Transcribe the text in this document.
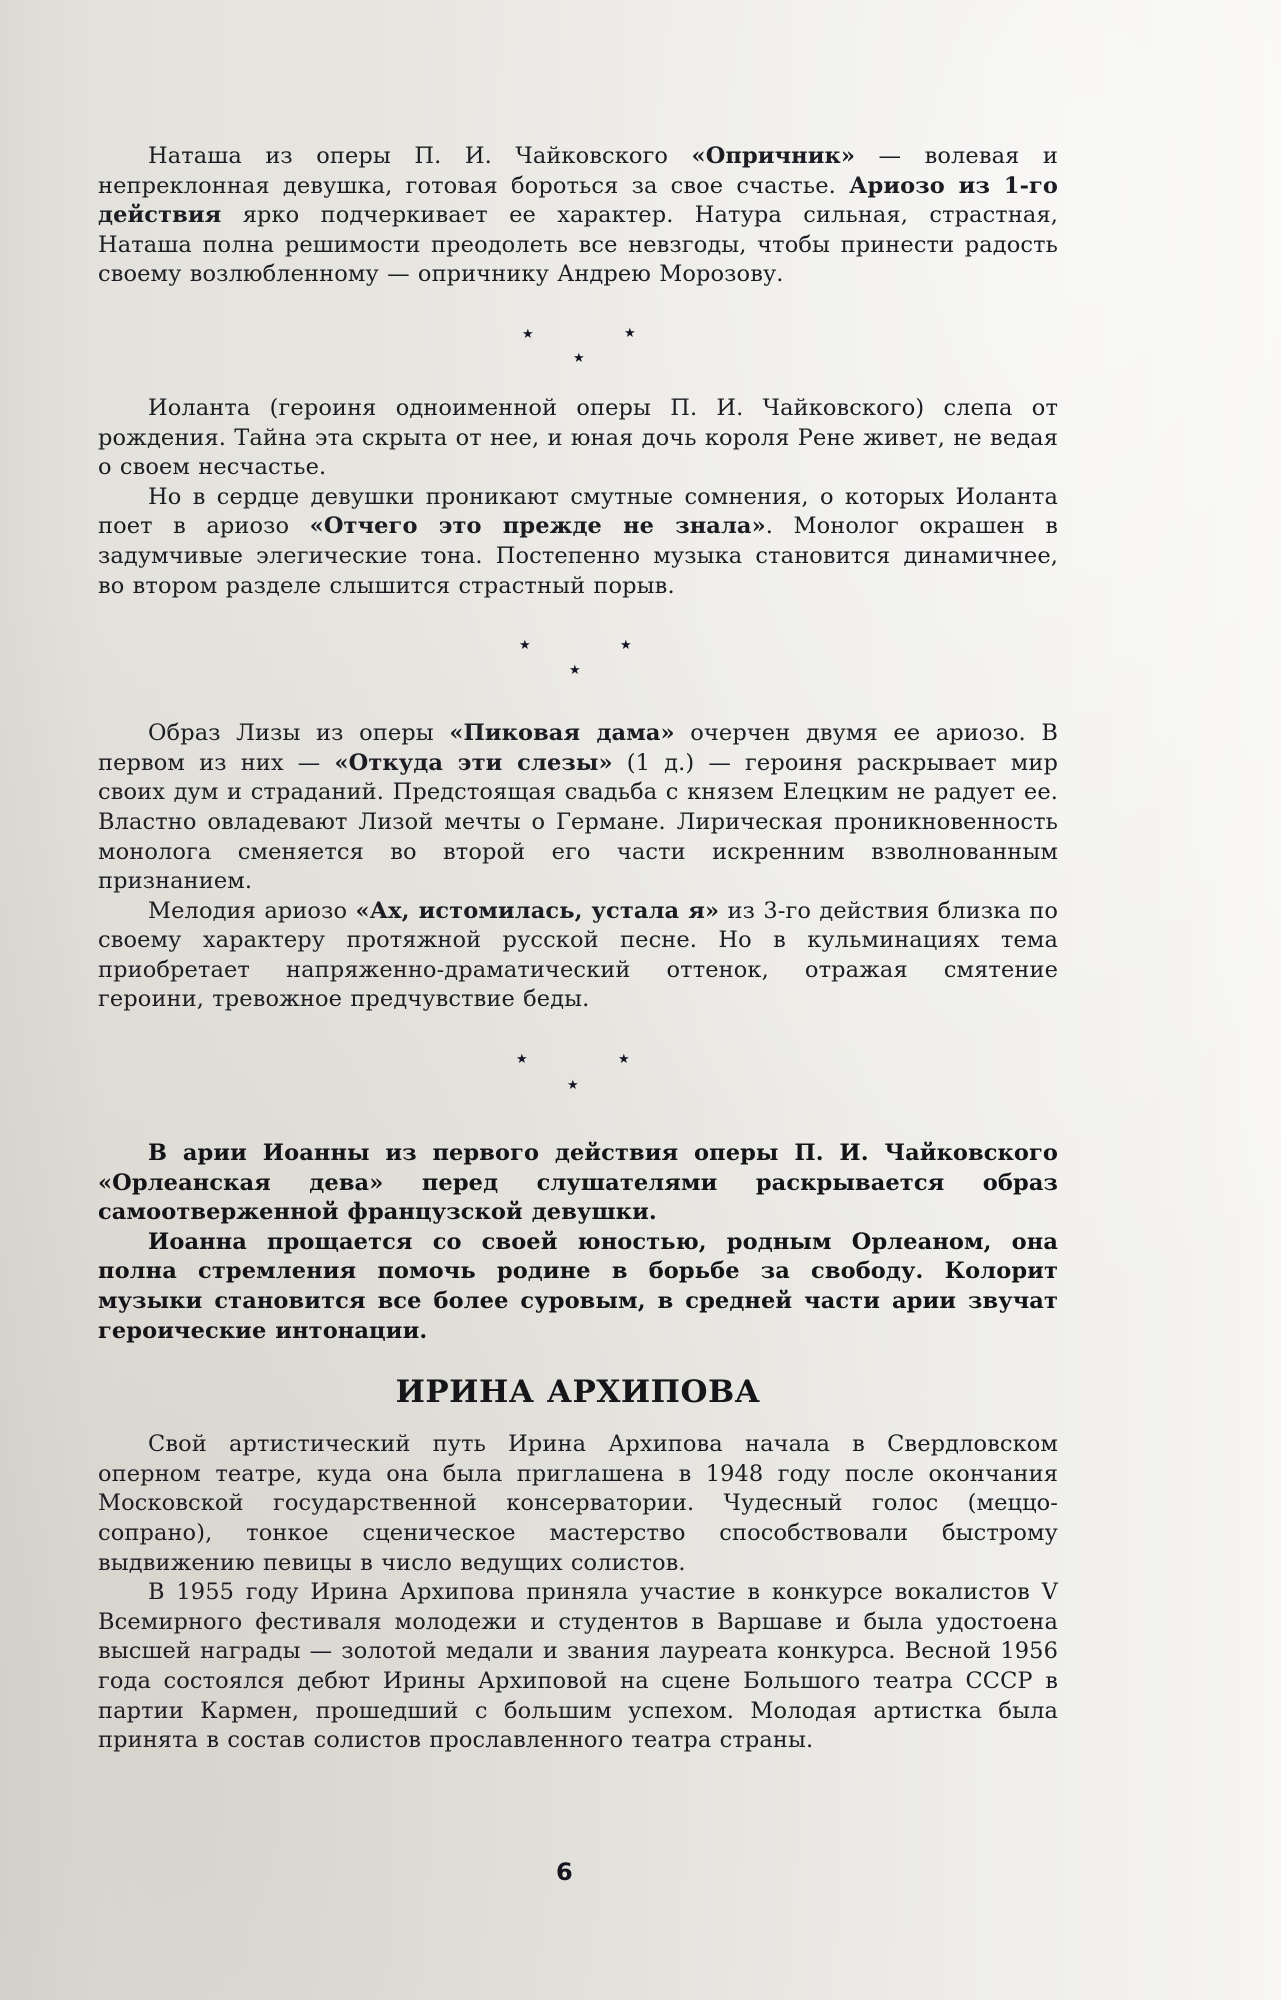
Наташа из оперы П. И. Чайковского «Опричник» — волевая и непреклонная девушка, готовая бороться за свое счастье. Ариозо из 1-го действия ярко подчеркивает ее характер. Натура сильная, страстная, Наташа полна решимости преодолеть все невзгоды, чтобы принести радость своему возлюбленному — опричнику Андрею Морозову.

★	★
★

Иоланта (героиня одноименной оперы П. И. Чайковского) слепа от рождения. Тайна эта скрыта от нее, и юная дочь короля Рене живет, не ведая о своем несчастье.

Но в сердце девушки проникают смутные сомнения, о которых Иоланта поет в ариозо «Отчего это прежде не знала». Монолог окрашен в задумчивые элегические тона. Постепенно музыка становится динамичнее, во втором разделе слышится страстный порыв.

★	★
★

Образ Лизы из оперы «Пиковая дама» очерчен двумя ее ариозо. В первом из них — «Откуда эти слезы» (1 д.) — героиня раскрывает мир своих дум и страданий. Предстоящая свадьба с князем Елецким не радует ее. Властно овладевают Лизой мечты о Германе. Лирическая проникновенность монолога сменяется во второй его части искренним взволнованным признанием.

Мелодия ариозо «Ах, истомилась, устала я» из 3-го действия близка по своему характеру протяжной русской песне. Но в кульминациях тема приобретает напряженно-драматический оттенок, отражая смятение героини, тревожное предчувствие беды.

★	★
★

В арии Иоанны из первого действия оперы П. И. Чайковского «Орлеанская дева» перед слушателями раскрывается образ самоотверженной французской девушки.

Иоанна прощается со своей юностью, родным Орлеаном, она полна стремления помочь родине в борьбе за свободу. Колорит музыки становится все более суровым, в средней части арии звучат героические интонации.

ИРИНА АРХИПОВА

Свой артистический путь Ирина Архипова начала в Свердловском оперном театре, куда она была приглашена в 1948 году после окончания Московской государственной консерватории. Чудесный голос (меццо-сопрано), тонкое сценическое мастерство способствовали быстрому выдвижению певицы в число ведущих солистов.

В 1955 году Ирина Архипова приняла участие в конкурсе вокалистов V Всемирного фестиваля молодежи и студентов в Варшаве и была удостоена высшей награды — золотой медали и звания лауреата конкурса. Весной 1956 года состоялся дебют Ирины Архиповой на сцене Большого театра СССР в партии Кармен, прошедший с большим успехом. Молодая артистка была принята в состав солистов прославленного театра страны.

6
